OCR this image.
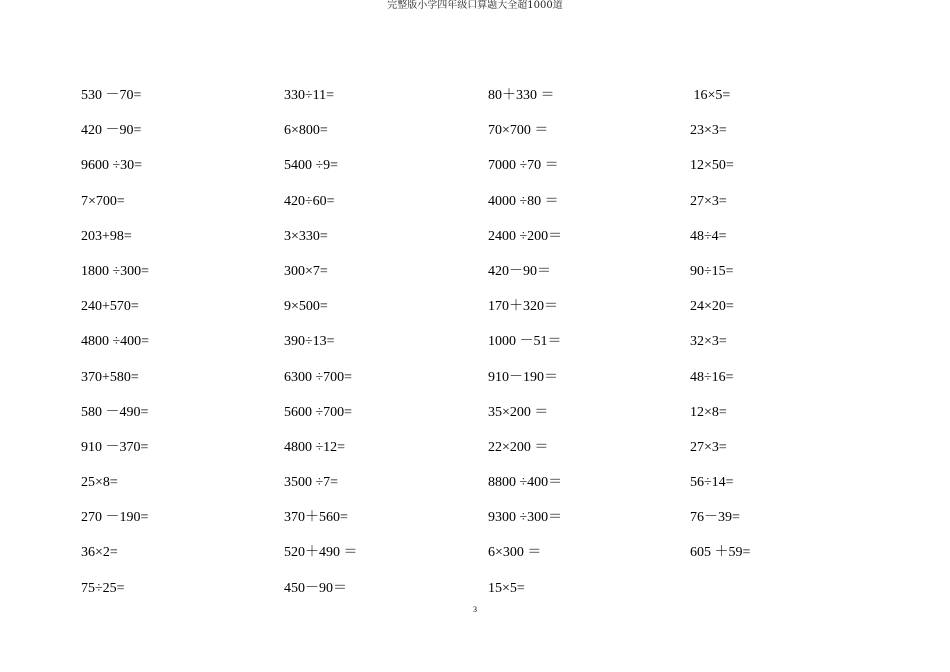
完整版小学四年级口算题大全超1000道
530 －70=
420 －90=
9600 ÷30=
7×700=
203+98=
1800 ÷300=
240+570=
4800 ÷400=
370+580=
580 －490=
910 －370=
25×8=
270 －190=
36×2=
75÷25=
330÷11=
6×800=
5400 ÷9=
420÷60=
3×330=
300×7=
9×500=
390÷13=
6300 ÷700=
5600 ÷700=
4800 ÷12=
3500 ÷7=
370＋560=
520＋490 ＝
450－90＝
80＋330 ＝
70×700 ＝
7000 ÷70 ＝
4000 ÷80 ＝
2400 ÷200＝
420－90＝
170＋320＝
1000 －51＝
910－190＝
35×200 ＝
22×200 ＝
8800 ÷400＝
9300 ÷300＝
6×300 ＝
15×5=
16×5=
23×3=
12×50=
27×3=
48÷4=
90÷15=
24×20=
32×3=
48÷16=
12×8=
27×3=
56÷14=
76－39=
605 ＋59=
3
